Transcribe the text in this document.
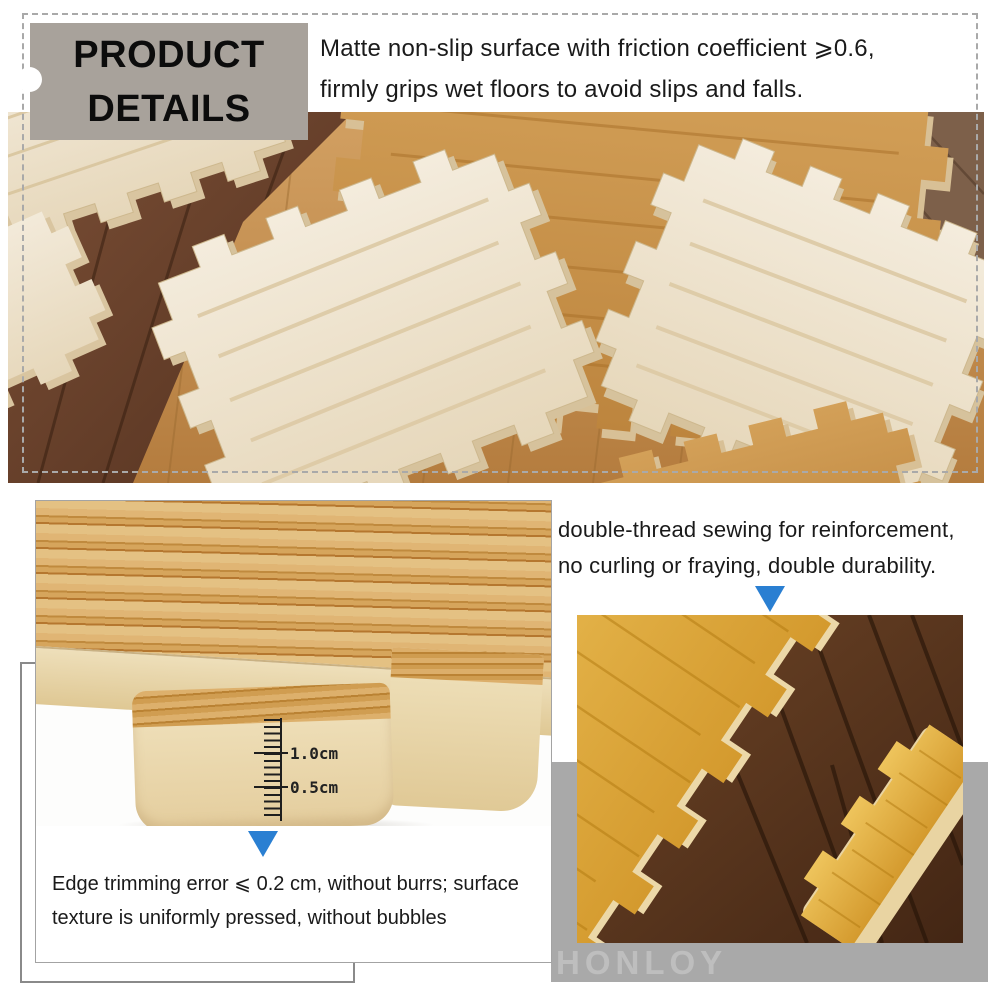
PRODUCT
DETAILS
Matte non-slip surface with friction coefficient ⩾0.6,
firmly grips wet floors to avoid slips and falls.
1.0cm
0.5cm
Edge trimming error ⩽ 0.2 cm, without burrs; surface
texture is uniformly pressed, without bubbles
double-thread sewing for reinforcement,
no curling or fraying, double durability.
HONLOY
